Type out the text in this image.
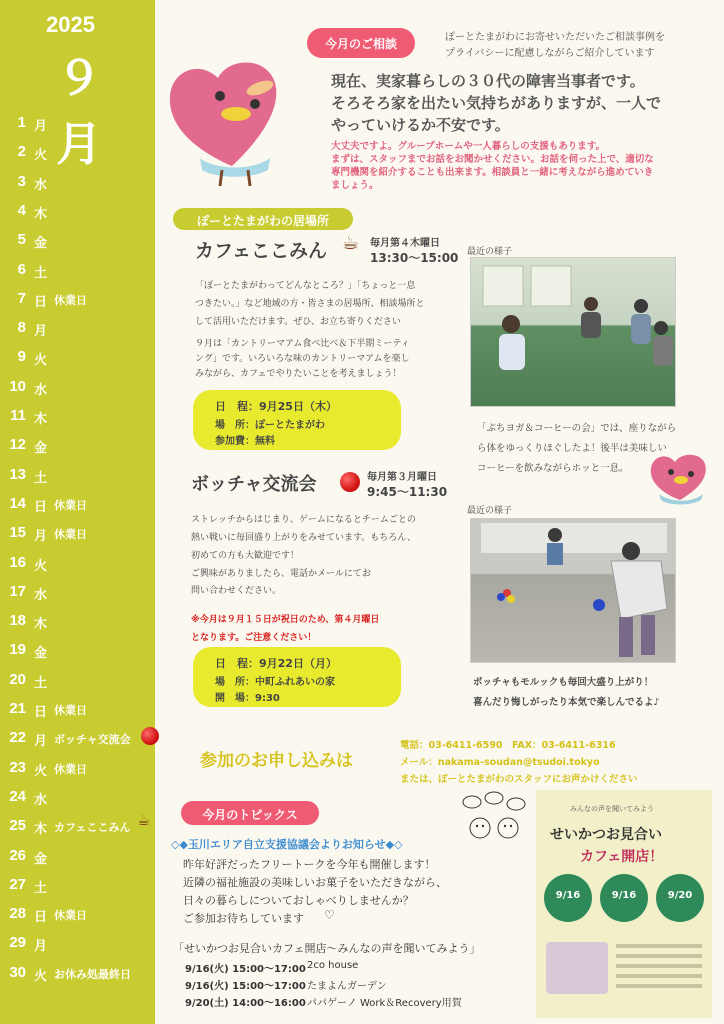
2025
９月
1 月
2 火
3 水
4 木
5 金
6 土
7 日 休業日
8 月
9 火
10 水
11 木
12 金
13 土
14 日 休業日
15 月 休業日
16 火
17 水
18 木
19 金
20 土
21 日 休業日
22 月 ボッチャ交流会
23 火 休業日
24 水
25 木 カフェここみん
26 金
27 土
28 日 休業日
29 月
30 火 お休み処最終日
☕
今月のご相談	ぽーとたまがわにお寄せいただいたご相談事例を
プライバシーに配慮しながらご紹介しています
現在、実家暮らしの３０代の障害当事者です。
そろそろ家を出たい気持ちがありますが、一人で
やっていけるか不安です。
大丈夫ですよ。グループホームや一人暮らしの支援もあります。
まずは、スタッフまでお話をお聞かせください。お話を伺った上で、適切な
専門機関を紹介することも出来ます。相談員と一緒に考えながら進めていき
ましょう。
ぽーとたまがわの居場所
カフェここみん ☕ 毎月第４木曜日
13:30～15:00
「ぽーとたまがわってどんなところ？」「ちょっと一息
つきたい。」など地域の方・皆さまの居場所、相談場所と
して活用いただけます。ぜひ、お立ち寄りください
９月は「カントリーマアム食べ比べ＆下半期ミーティ
ング」です。いろいろな味のカントリーマアムを楽し
みながら、カフェでやりたいことを考えましょう！
日　程：9月25日（木）
場　所：ぽーとたまがわ
参加費：無料
最近の様子
「ぷちヨガ＆コーヒーの会」では、座りながら
ら体をゆっくりほぐしたよ！後半は美味しい
コーヒーを飲みながらホッと一息。
ボッチャ交流会	毎月第３月曜日
9:45～11:30
ストレッチからはじまり、ゲームになるとチームごとの
熱い戦いに毎回盛り上がりをみせています。もちろん、
初めての方も大歓迎です！
ご興味がありましたら、電話かメールにてお
問い合わせください。
※今月は９月１５日が祝日のため、第４月曜日
となります。ご注意ください！
日　程：9月22日（月）
場　所：中町ふれあいの家
開　場：9:30
最近の様子
ボッチャもモルックも毎回大盛り上がり！
喜んだり悔しがったり本気で楽しんでるよ♪
参加のお申し込みは
電話：03-6411-6590　FAX：03-6411-6316
メール：nakama-soudan@tsudoi.tokyo
または、ぽーとたまがわのスタッフにお声かけください
今月のトピックス
◇◆玉川エリア自立支援協議会よりお知らせ◆◇
昨年好評だったフリートークを今年も開催します！
近隣の福祉施設の美味しいお菓子をいただきながら、
日々の暮らしについておしゃべりしませんか？
ご参加お待ちしています ♡
「せいかつお見合いカフェ開店～みんなの声を聞いてみよう」
9/16(火) 15:00～17:00 2co house
9/16(火) 15:00～17:00 たまよんガーデン
9/20(土) 14:00～16:00 パパゲーノ Work＆Recovery用賀
みんなの声を聞いてみよう
せいかつお見合い
カフェ開店！
9/16	9/16	9/20
